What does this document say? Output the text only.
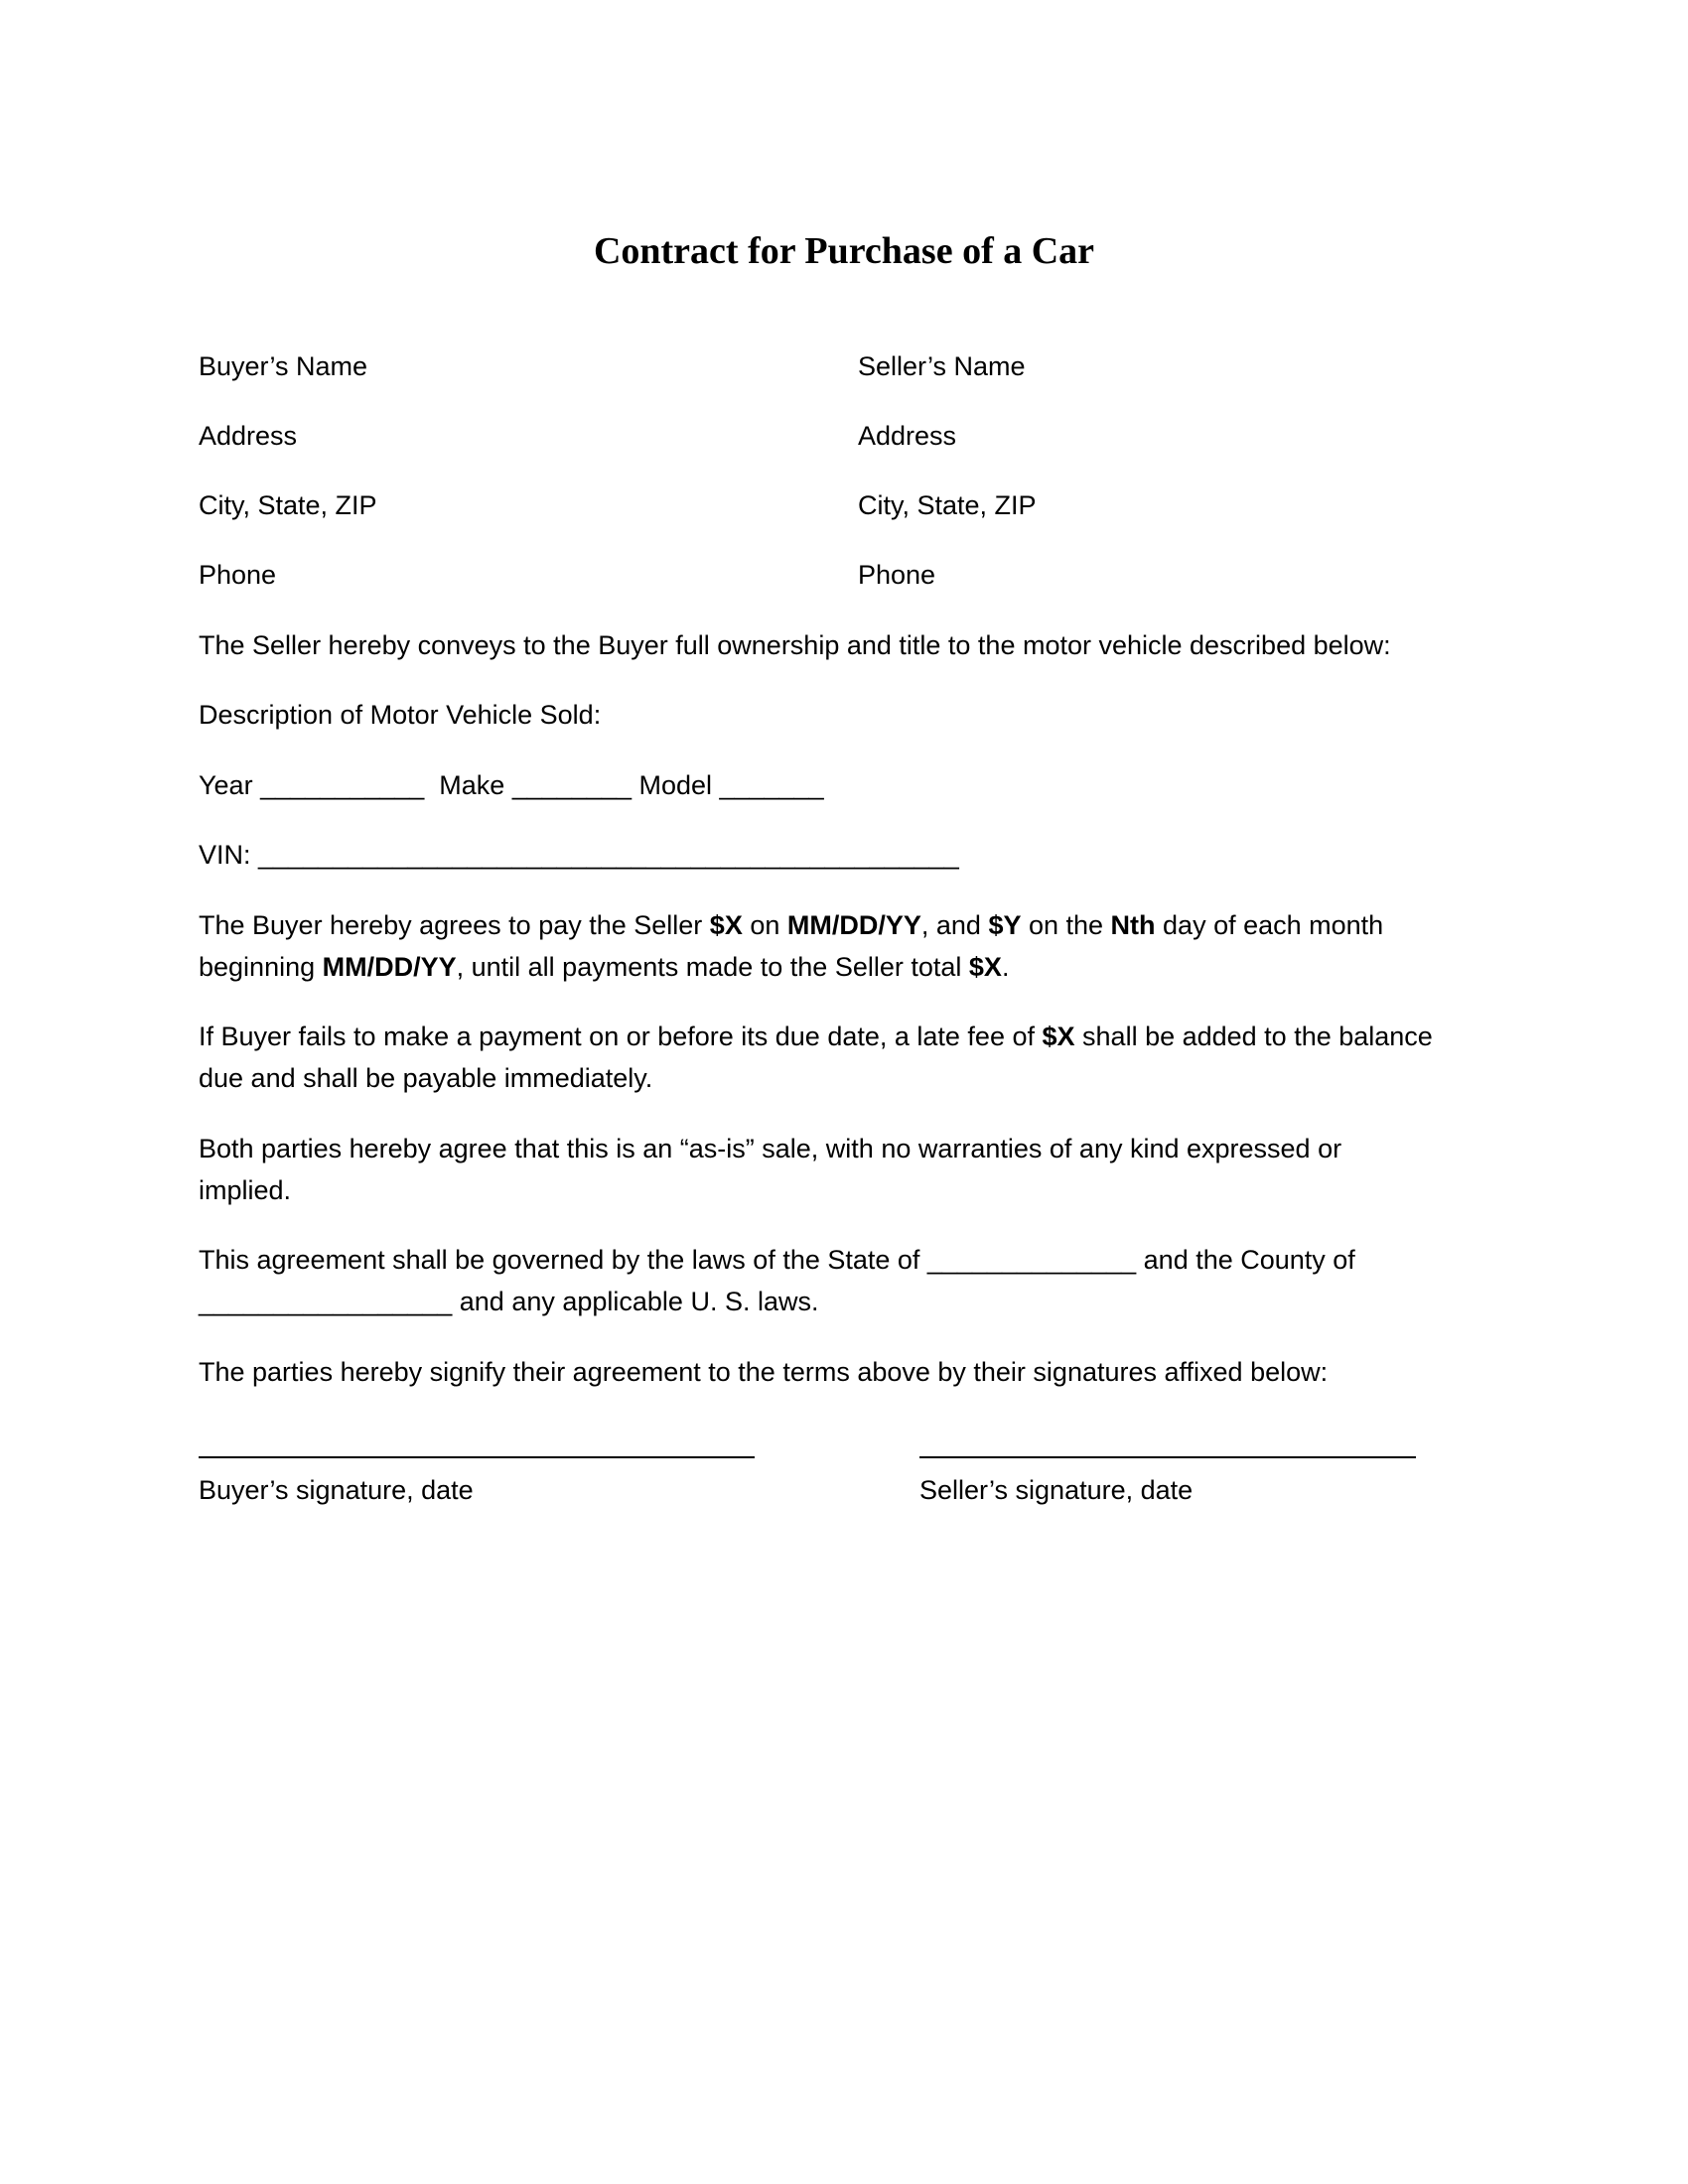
Contract for Purchase of a Car
Buyer’s Name	Seller’s Name
Address	Address
City, State, ZIP	City, State, ZIP
Phone	Phone
The Seller hereby conveys to the Buyer full ownership and title to the motor vehicle described below:
Description of Motor Vehicle Sold:
Year ___________ Make ________ Model _______
VIN: _______________________________________________
The Buyer hereby agrees to pay the Seller $X on MM/DD/YY, and $Y on the Nth day of each month
beginning MM/DD/YY, until all payments made to the Seller total $X.
If Buyer fails to make a payment on or before its due date, a late fee of $X shall be added to the balance
due and shall be payable immediately.
Both parties hereby agree that this is an “as-is” sale, with no warranties of any kind expressed or
implied.
This agreement shall be governed by the laws of the State of ______________ and the County of
_________________ and any applicable U. S. laws.
The parties hereby signify their agreement to the terms above by their signatures affixed below:
Buyer’s signature, date	Seller’s signature, date
